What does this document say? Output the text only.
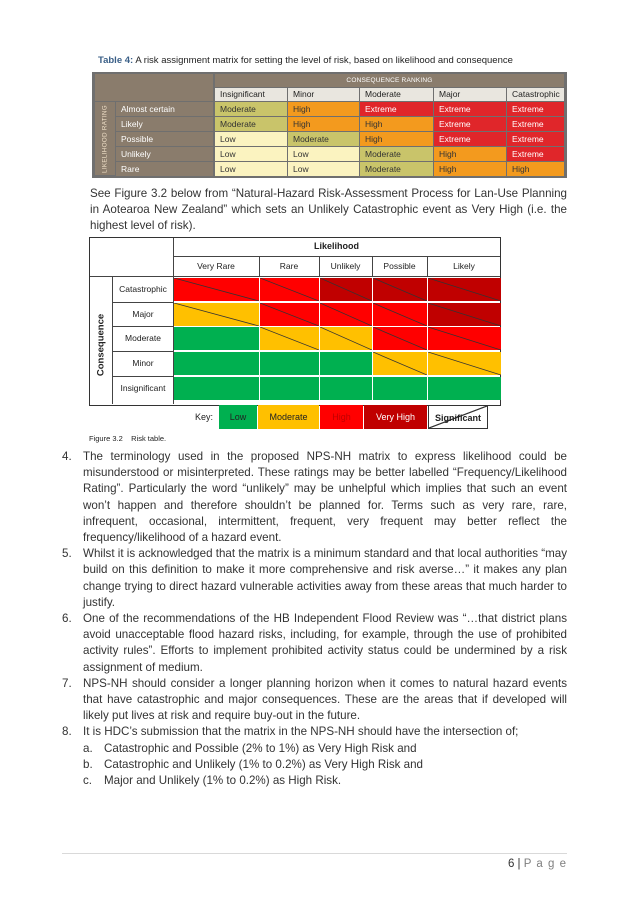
Table 4: A risk assignment matrix for setting the level of risk, based on likelihood and consequence
CONSEQUENCE RANKING
LIKELIHOOD RATING
Insignificant	Minor	Moderate	Major	Catastrophic
Almost certain	Moderate	High	Extreme	Extreme	Extreme
Likely	Moderate	High	High	Extreme	Extreme
Possible	Low	Moderate	High	Extreme	Extreme
Unlikely	Low	Low	Moderate	High	Extreme
Rare	Low	Low	Moderate	High	High
See Figure 3.2 below from “Natural-Hazard Risk-Assessment Process for Lan-Use Planning in Aotearoa New Zealand” which sets an Unlikely Catastrophic event as Very High (i.e. the highest level of risk).
Likelihood
Consequence
Very Rare	Rare	Unlikely	Possible	Likely
Catastrophic
Major
Moderate
Minor
Insignificant
Key:	Low	Moderate	High	Very High	Significant
Figure 3.2 Risk table.
4. The terminology used in the proposed NPS-NH matrix to express likelihood could be misunderstood or misinterpreted. These ratings may be better labelled “Frequency/Likelihood Rating”. Particularly the word “unlikely” may be unhelpful which implies that such an event won’t happen and therefore shouldn’t be planned for. Terms such as very rare, rare, infrequent, occasional, intermittent, frequent, very frequent may better reflect the frequency/likelihood of a hazard event.
5. Whilst it is acknowledged that the matrix is a minimum standard and that local authorities “may build on this definition to make it more comprehensive and risk averse…” it makes any plan change trying to direct hazard vulnerable activities away from these areas that much harder to justify.
6. One of the recommendations of the HB Independent Flood Review was “…that district plans avoid unacceptable flood hazard risks, including, for example, through the use of prohibited activity rules”. Efforts to implement prohibited activity status could be undermined by a risk assignment of medium.
7. NPS-NH should consider a longer planning horizon when it comes to natural hazard events that have catastrophic and major consequences. These are the areas that if developed will likely put lives at risk and require buy-out in the future.
8. It is HDC’s submission that the matrix in the NPS-NH should have the intersection of;
a. Catastrophic and Possible (2% to 1%) as Very High Risk and
b. Catastrophic and Unlikely (1% to 0.2%) as Very High Risk and
c. Major and Unlikely (1% to 0.2%) as High Risk.
6 | P a g e
